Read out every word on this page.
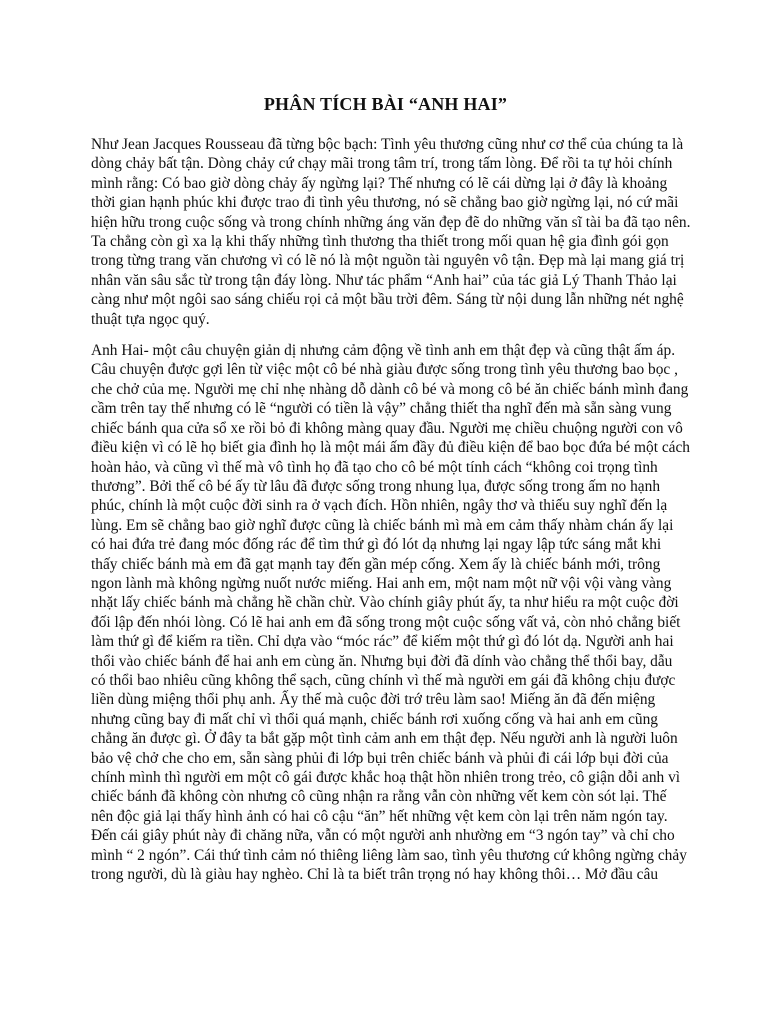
PHÂN TÍCH BÀI “ANH HAI”

Như Jean Jacques Rousseau đã từng bộc bạch: Tình yêu thương cũng như cơ thể của chúng ta là
dòng chảy bất tận. Dòng chảy cứ chạy mãi trong tâm trí, trong tấm lòng. Để rồi ta tự hỏi chính
mình rằng: Có bao giờ dòng chảy ấy ngừng lại? Thế nhưng có lẽ cái dừng lại ở đây là khoảng
thời gian hạnh phúc khi được trao đi tình yêu thương, nó sẽ chẳng bao giờ ngừng lại, nó cứ mãi
hiện hữu trong cuộc sống và trong chính những áng văn đẹp đẽ do những văn sĩ tài ba đã tạo nên.
Ta chẳng còn gì xa lạ khi thấy những tình thương tha thiết trong mối quan hệ gia đình gói gọn
trong từng trang văn chương vì có lẽ nó là một nguồn tài nguyên vô tận. Đẹp mà lại mang giá trị
nhân văn sâu sắc từ trong tận đáy lòng. Như tác phẩm “Anh hai” của tác giả Lý Thanh Thảo lại
càng như một ngôi sao sáng chiếu rọi cả một bầu trời đêm. Sáng từ nội dung lẫn những nét nghệ
thuật tựa ngọc quý.

Anh Hai- một câu chuyện giản dị nhưng cảm động về tình anh em thật đẹp và cũng thật ấm áp.
Câu chuyện được gợi lên từ việc một cô bé nhà giàu được sống trong tình yêu thương bao bọc ,
che chở của mẹ. Người mẹ chỉ nhẹ nhàng dỗ dành cô bé và mong cô bé ăn chiếc bánh mình đang
cầm trên tay thế nhưng có lẽ “người có tiền là vậy” chẳng thiết tha nghĩ đến mà sẵn sàng vung
chiếc bánh qua cửa sổ xe rồi bỏ đi không màng quay đầu. Người mẹ chiều chuộng người con vô
điều kiện vì có lẽ họ biết gia đình họ là một mái ấm đầy đủ điều kiện để bao bọc đứa bé một cách
hoàn hảo, và cũng vì thế mà vô tình họ đã tạo cho cô bé một tính cách “không coi trọng tình
thương”. Bởi thế cô bé ấy từ lâu đã được sống trong nhung lụa, được sống trong ấm no hạnh
phúc, chính là một cuộc đời sinh ra ở vạch đích. Hồn nhiên, ngây thơ và thiếu suy nghĩ đến lạ
lùng. Em sẽ chẳng bao giờ nghĩ được cũng là chiếc bánh mì mà em cảm thấy nhàm chán ấy lại
có hai đứa trẻ đang móc đống rác để tìm thứ gì đó lót dạ nhưng lại ngay lập tức sáng mắt khi
thấy chiếc bánh mà em đã gạt mạnh tay đến gần mép cống. Xem ấy là chiếc bánh mới, trông
ngon lành mà không ngừng nuốt nước miếng. Hai anh em, một nam một nữ vội vội vàng vàng
nhặt lấy chiếc bánh mà chẳng hề chần chừ. Vào chính giây phút ấy, ta như hiểu ra một cuộc đời
đối lập đến nhói lòng. Có lẽ hai anh em đã sống trong một cuộc sống vất vả, còn nhỏ chẳng biết
làm thứ gì để kiếm ra tiền. Chỉ dựa vào “móc rác” để kiếm một thứ gì đó lót dạ. Người anh hai
thổi vào chiếc bánh để hai anh em cùng ăn. Nhưng bụi đời đã dính vào chẳng thể thổi bay, dẫu
có thổi bao nhiêu cũng không thể sạch, cũng chính vì thế mà người em gái đã không chịu được
liền dùng miệng thổi phụ anh. Ấy thế mà cuộc đời trớ trêu làm sao! Miếng ăn đã đến miệng
nhưng cũng bay đi mất chỉ vì thổi quá mạnh, chiếc bánh rơi xuống cống và hai anh em cũng
chẳng ăn được gì. Ở đây ta bắt gặp một tình cảm anh em thật đẹp. Nếu người anh là người luôn
bảo vệ chở che cho em, sẵn sàng phủi đi lớp bụi trên chiếc bánh và phủi đi cái lớp bụi đời của
chính mình thì người em một cô gái được khắc hoạ thật hồn nhiên trong trẻo, cô giận dỗi anh vì
chiếc bánh đã không còn nhưng cô cũng nhận ra rằng vẫn còn những vết kem còn sót lại. Thế
nên độc giả lại thấy hình ảnh có hai cô cậu “ăn” hết những vệt kem còn lại trên năm ngón tay.
Đến cái giây phút này đi chăng nữa, vẫn có một người anh nhường em “3 ngón tay” và chỉ cho
mình “ 2 ngón”. Cái thứ tình cảm nó thiêng liêng làm sao, tình yêu thương cứ không ngừng chảy
trong người, dù là giàu hay nghèo. Chỉ là ta biết trân trọng nó hay không thôi… Mở đầu câu
